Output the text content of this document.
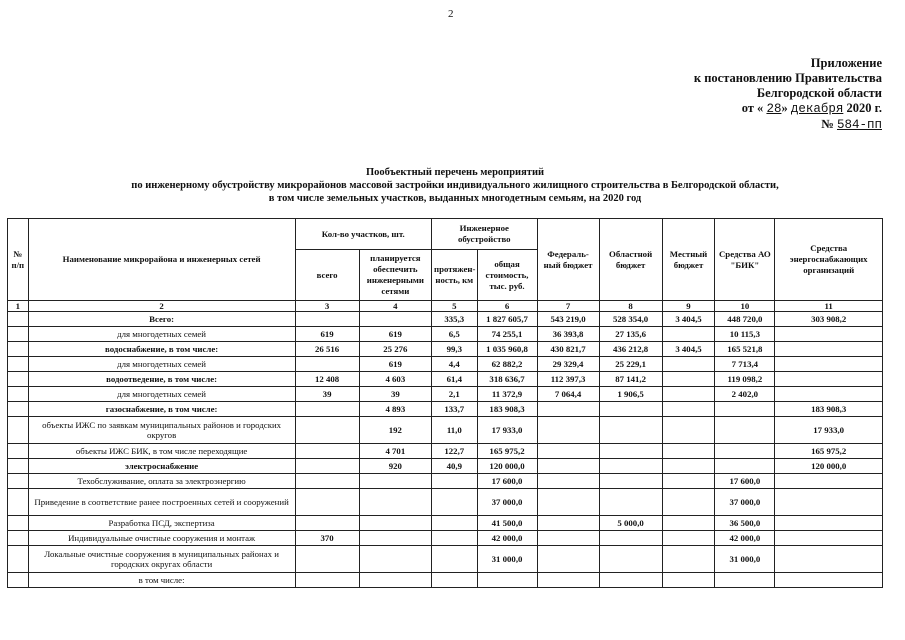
2
Приложение
к постановлению Правительства
Белгородской области
от « 28» декабря 2020 г.
№ 584-пп
Пообъектный перечень мероприятий
по инженерному обустройству микрорайонов массовой застройки индивидуального жилищного строительства в Белгородской области,
в том числе земельных участков, выданных многодетным семьям, на 2020 год
№ п/п	Наименование микрорайона и инженерных сетей	Кол-во участков, шт.		Инженерное обустройство		Федераль-ный бюджет	Областной бюджет	Местный бюджет	Средства АО "БИК"	Средства энергоснабжающих организаций
		всего	планируется обеспечить инженерными сетями	протяжен-ность, км	общая стоимость, тыс. руб.					
1	2	3	4	5	6	7	8	9	10	11
	Всего:			335,3	1 827 605,7	543 219,0	528 354,0	3 404,5	448 720,0	303 908,2
	для многодетных семей	619	619	6,5	74 255,1	36 393,8	27 135,6		10 115,3	
	водоснабжение, в том числе:	26 516	25 276	99,3	1 035 960,8	430 821,7	436 212,8	3 404,5	165 521,8	
	для многодетных семей		619	4,4	62 882,2	29 329,4	25 229,1		7 713,4	
	водоотведение, в том числе:	12 408	4 603	61,4	318 636,7	112 397,3	87 141,2		119 098,2	
	для многодетных семей	39	39	2,1	11 372,9	7 064,4	1 906,5		2 402,0	
	газоснабжение, в том числе:		4 893	133,7	183 908,3					183 908,3
	объекты ИЖС по заявкам муниципальных районов и городских округов		192	11,0	17 933,0					17 933,0
	объекты ИЖС БИК, в том числе переходящие		4 701	122,7	165 975,2					165 975,2
	электроснабжение		920	40,9	120 000,0					120 000,0
	Техобслуживание, оплата за электроэнергию				17 600,0				17 600,0	
	Приведение в соответствие ранее построенных сетей и сооружений				37 000,0				37 000,0	
	Разработка ПСД, экспертиза				41 500,0		5 000,0		36 500,0	
	Индивидуальные очистные сооружения и монтаж	370			42 000,0				42 000,0	
	Локальные очистные сооружения в муниципальных районах и городских округах области				31 000,0				31 000,0	
	в том числе:									
